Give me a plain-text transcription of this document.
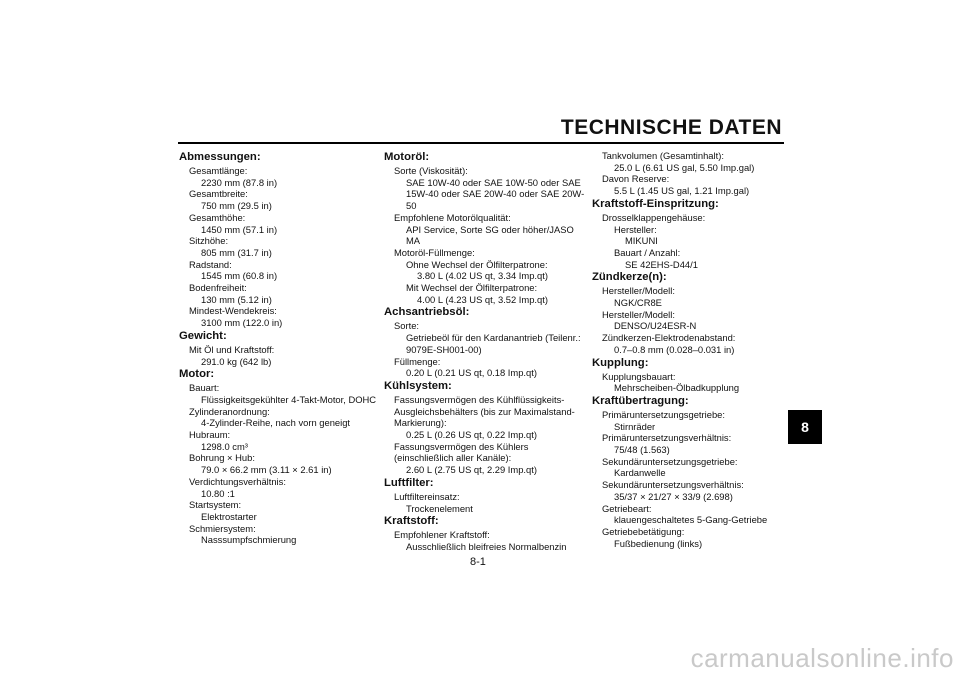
TECHNISCHE DATEN
8
Abmessungen:
Gesamtlänge:
2230 mm (87.8 in)
Gesamtbreite:
750 mm (29.5 in)
Gesamthöhe:
1450 mm (57.1 in)
Sitzhöhe:
805 mm (31.7 in)
Radstand:
1545 mm (60.8 in)
Bodenfreiheit:
130 mm (5.12 in)
Mindest-Wendekreis:
3100 mm (122.0 in)
Gewicht:
Mit Öl und Kraftstoff:
291.0 kg (642 lb)
Motor:
Bauart:
Flüssigkeitsgekühlter 4-Takt-Motor, DOHC
Zylinderanordnung:
4-Zylinder-Reihe, nach vorn geneigt
Hubraum:
1298.0 cm³
Bohrung × Hub:
79.0 × 66.2 mm (3.11 × 2.61 in)
Verdichtungsverhältnis:
10.80 :1
Startsystem:
Elektrostarter
Schmiersystem:
Nasssumpfschmierung
Motoröl:
Sorte (Viskosität):
SAE 10W-40 oder SAE 10W-50 oder SAE 15W-40 oder SAE 20W-40 oder SAE 20W-50
Empfohlene Motorölqualität:
API Service, Sorte SG oder höher/JASO MA
Motoröl-Füllmenge:
Ohne Wechsel der Ölfilterpatrone:
3.80 L (4.02 US qt, 3.34 Imp.qt)
Mit Wechsel der Ölfilterpatrone:
4.00 L (4.23 US qt, 3.52 Imp.qt)
Achsantriebsöl:
Sorte:
Getriebeöl für den Kardanantrieb (Teilenr.: 9079E-SH001-00)
Füllmenge:
0.20 L (0.21 US qt, 0.18 Imp.qt)
Kühlsystem:
Fassungsvermögen des Kühlflüssigkeits-Ausgleichsbehälters (bis zur Maximalstand-Markierung):
0.25 L (0.26 US qt, 0.22 Imp.qt)
Fassungsvermögen des Kühlers (einschließlich aller Kanäle):
2.60 L (2.75 US qt, 2.29 Imp.qt)
Luftfilter:
Luftfiltereinsatz:
Trockenelement
Kraftstoff:
Empfohlener Kraftstoff:
Ausschließlich bleifreies Normalbenzin
Tankvolumen (Gesamtinhalt):
25.0 L (6.61 US gal, 5.50 Imp.gal)
Davon Reserve:
5.5 L (1.45 US gal, 1.21 Imp.gal)
Kraftstoff-Einspritzung:
Drosselklappengehäuse:
Hersteller:
MIKUNI
Bauart / Anzahl:
SE 42EHS-D44/1
Zündkerze(n):
Hersteller/Modell:
NGK/CR8E
Hersteller/Modell:
DENSO/U24ESR-N
Zündkerzen-Elektrodenabstand:
0.7–0.8 mm (0.028–0.031 in)
Kupplung:
Kupplungsbauart:
Mehrscheiben-Ölbadkupplung
Kraftübertragung:
Primäruntersetzungsgetriebe:
Stirnräder
Primäruntersetzungsverhältnis:
75/48 (1.563)
Sekundäruntersetzungsgetriebe:
Kardanwelle
Sekundäruntersetzungsverhältnis:
35/37 × 21/27 × 33/9 (2.698)
Getriebeart:
klauengeschaltetes 5-Gang-Getriebe
Getriebebetätigung:
Fußbedienung (links)
8-1
carmanualsonline.info
